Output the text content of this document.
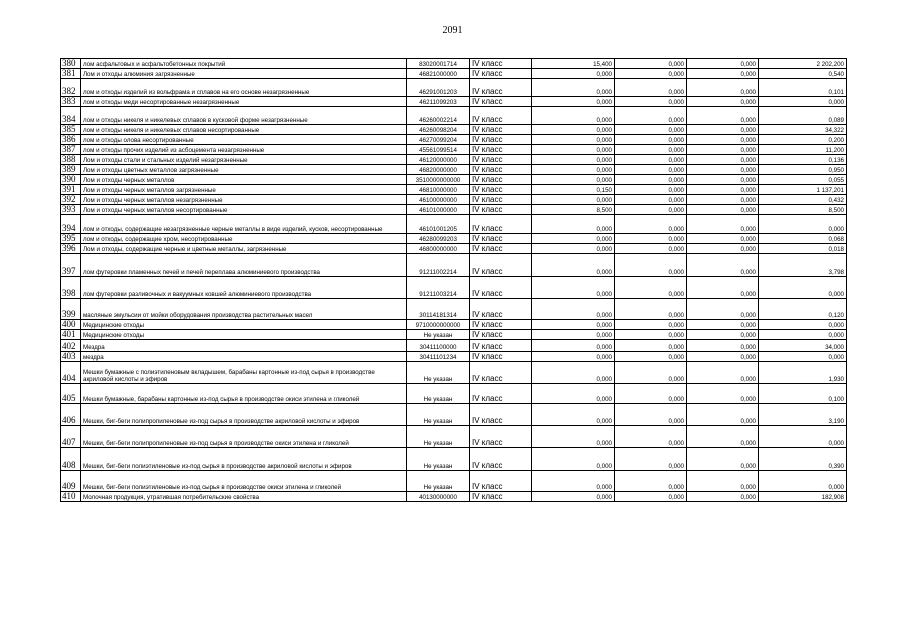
2091
380	лом асфальтовых и асфальтобетонных покрытий	83020001714	IV класс	15,400	0,000	0,000	2 202,200
381	Лом и отходы алюминия загрязненные	46821000000	IV класс	0,000	0,000	0,000	0,540
382	лом и отходы изделий из вольфрама и сплавов на его основе незагрязненные	46291001203	IV класс	0,000	0,000	0,000	0,101
383	лом и отходы меди несортированные незагрязненные	46211099203	IV класс	0,000	0,000	0,000	0,000
384	лом и отходы никеля и никелевых сплавов в кусковой форме незагрязненные	46260002214	IV класс	0,000	0,000	0,000	0,089
385	лом и отходы никеля и никелевых сплавов несортированные	46260098204	IV класс	0,000	0,000	0,000	34,322
386	лом и отходы олова несортированные	46270099204	IV класс	0,000	0,000	0,000	0,200
387	лом и отходы прочих изделий из асбоцемента незагрязненные	45561099514	IV класс	0,000	0,000	0,000	11,200
388	Лом и отходы стали и стальных изделий незагрязненные	46120000000	IV класс	0,000	0,000	0,000	0,136
389	Лом и отходы цветных металлов загрязненные	46820000000	IV класс	0,000	0,000	0,000	0,950
390	Лом и отходы черных металлов	3510000000000	IV класс	0,000	0,000	0,000	0,055
391	Лом и отходы черных металлов загрязненные	46810000000	IV класс	0,150	0,000	0,000	1 137,201
392	Лом и отходы черных металлов незагрязненные	46100000000	IV класс	0,000	0,000	0,000	0,432
393	Лом и отходы черных металлов несортированные	46101000000	IV класс	8,500	0,000	0,000	8,500
394	лом и отходы, содержащие незагрязненные черные металлы в виде изделий, кусков, несортированные	46101001205	IV класс	0,000	0,000	0,000	0,000
395	лом и отходы, содержащие хром, несортированные	46280099203	IV класс	0,000	0,000	0,000	0,068
396	Лом и отходы, содержащие черные и цветные металлы, загрязненные	46800000000	IV класс	0,000	0,000	0,000	0,018
397	лом футеровки пламенных печей и печей переплава алюминиевого производства	91211002214	IV класс	0,000	0,000	0,000	3,798
398	лом футеровки разливочных и вакуумных ковшей алюминиевого производства	91211003214	IV класс	0,000	0,000	0,000	0,000
399	масляные эмульсии от мойки оборудования производства растительных масел	30114181314	IV класс	0,000	0,000	0,000	0,120
400	Медицинские отходы	9710000000000	IV класс	0,000	0,000	0,000	0,000
401	Медицинские отходы	Не указан	IV класс	0,000	0,000	0,000	0,000
402	Мездра	30411100000	IV класс	0,000	0,000	0,000	34,000
403	мездра	30411101234	IV класс	0,000	0,000	0,000	0,000
404	Мешки бумажные с полиэтиленовым вкладышем, барабаны картонные из-под сырья в производстве акриловой кислоты и эфиров	Не указан	IV класс	0,000	0,000	0,000	1,930
405	Мешки бумажные, барабаны картонные из-под сырья в производстве окиси этилена и гликолей	Не указан	IV класс	0,000	0,000	0,000	0,100
406	Мешки, биг-беги полипропиленовые из-под сырья в производстве акриловой кислоты и эфиров	Не указан	IV класс	0,000	0,000	0,000	3,190
407	Мешки, биг-беги полипропиленовые из-под сырья в производстве окиси этилена и гликолей	Не указан	IV класс	0,000	0,000	0,000	0,000
408	Мешки, биг-беги полиэтиленовые из-под сырья в производстве акриловой кислоты и эфиров	Не указан	IV класс	0,000	0,000	0,000	0,390
409	Мешки, биг-беги полиэтиленовые из-под сырья в производстве окиси этилена и гликолей	Не указан	IV класс	0,000	0,000	0,000	0,000
410	Молочная продукция, утратившая потребительские свойства	40130000000	IV класс	0,000	0,000	0,000	182,908
